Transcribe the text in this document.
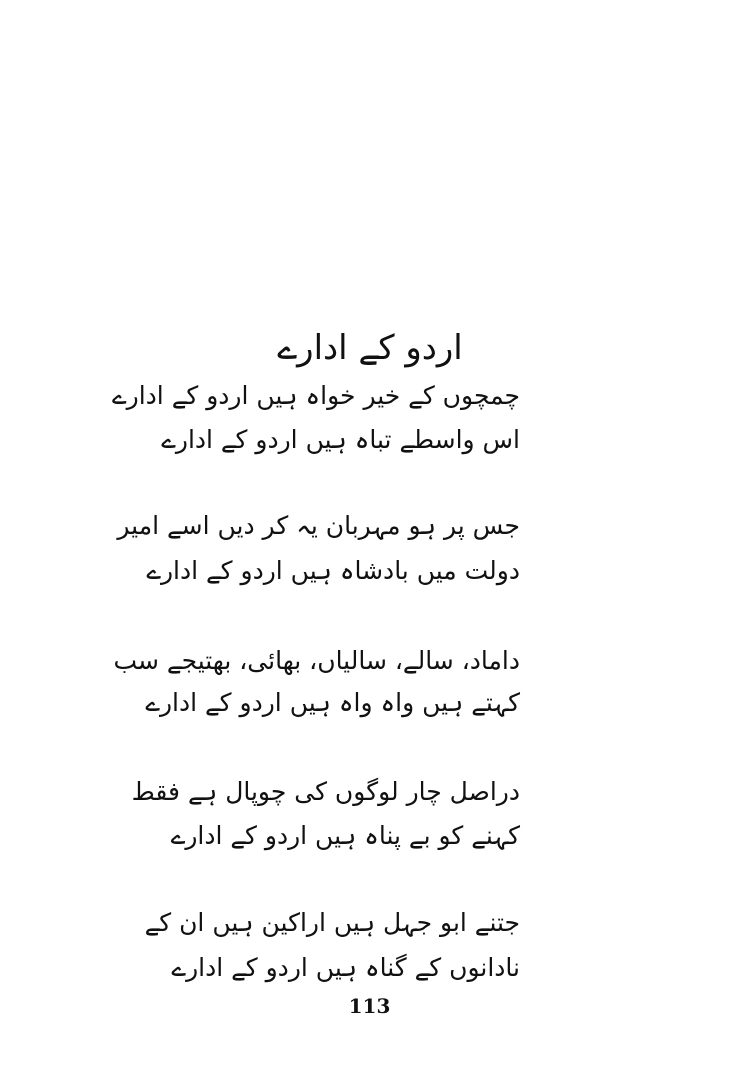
اردو کے ادارے
چمچوں کے خیر خواہ ہیں اردو کے ادارے
اس واسطے تباہ ہیں اردو کے ادارے
جس پر ہو مہربان یہ کر دیں اسے امیر
دولت میں بادشاہ ہیں اردو کے ادارے
داماد، سالے، سالیاں، بھائی، بھتیجے سب
کہتے ہیں واہ واہ ہیں اردو کے ادارے
دراصل چار لوگوں کی چوپال ہے فقط
کہنے کو بے پناہ ہیں اردو کے ادارے
جتنے ابو جہل ہیں اراکین ہیں ان کے
نادانوں کے گناہ ہیں اردو کے ادارے
113
